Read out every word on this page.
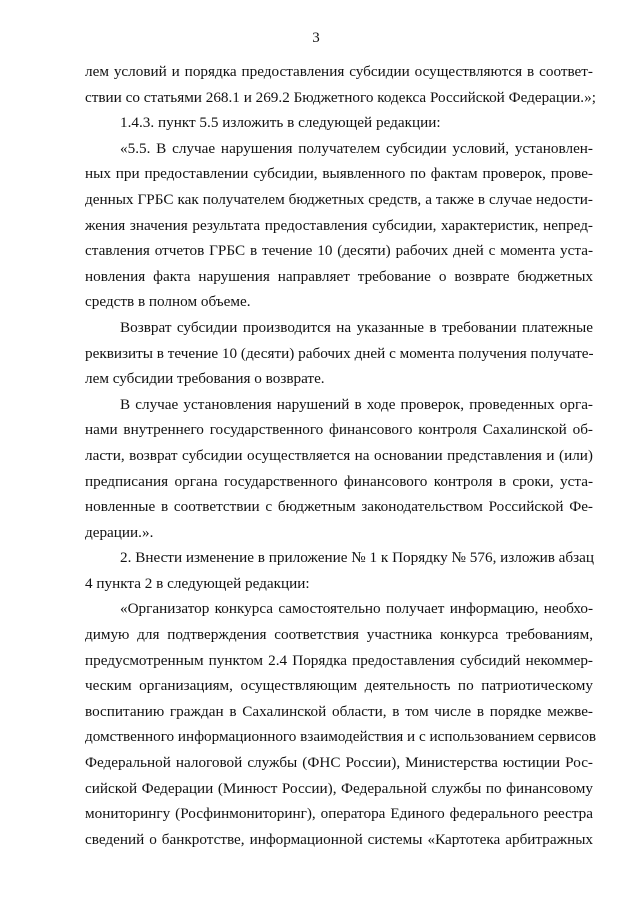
3
лем условий и порядка предоставления субсидии осуществляются в соответ-
ствии со статьями 268.1 и 269.2 Бюджетного кодекса Российской Федерации.»;
1.4.3. пункт 5.5 изложить в следующей редакции:
«5.5. В случае нарушения получателем субсидии условий, установлен-
ных при предоставлении субсидии, выявленного по фактам проверок, прове-
денных ГРБС как получателем бюджетных средств, а также в случае недости-
жения значения результата предоставления субсидии, характеристик, непред-
ставления отчетов ГРБС в течение 10 (десяти) рабочих дней с момента уста-
новления факта нарушения направляет требование о возврате бюджетных
средств в полном объеме.
Возврат субсидии производится на указанные в требовании платежные
реквизиты в течение 10 (десяти) рабочих дней с момента получения получате-
лем субсидии требования о возврате.
В случае установления нарушений в ходе проверок, проведенных орга-
нами внутреннего государственного финансового контроля Сахалинской об-
ласти, возврат субсидии осуществляется на основании представления и (или)
предписания органа государственного финансового контроля в сроки, уста-
новленные в соответствии с бюджетным законодательством Российской Фе-
дерации.».
2. Внести изменение в приложение № 1 к Порядку № 576, изложив абзац
4 пункта 2 в следующей редакции:
«Организатор конкурса самостоятельно получает информацию, необхо-
димую для подтверждения соответствия участника конкурса требованиям,
предусмотренным пунктом 2.4 Порядка предоставления субсидий некоммер-
ческим организациям, осуществляющим деятельность по патриотическому
воспитанию граждан в Сахалинской области, в том числе в порядке межве-
домственного информационного взаимодействия и с использованием сервисов
Федеральной налоговой службы (ФНС России), Министерства юстиции Рос-
сийской Федерации (Минюст России), Федеральной службы по финансовому
мониторингу (Росфинмониторинг), оператора Единого федерального реестра
сведений о банкротстве, информационной системы «Картотека арбитражных
